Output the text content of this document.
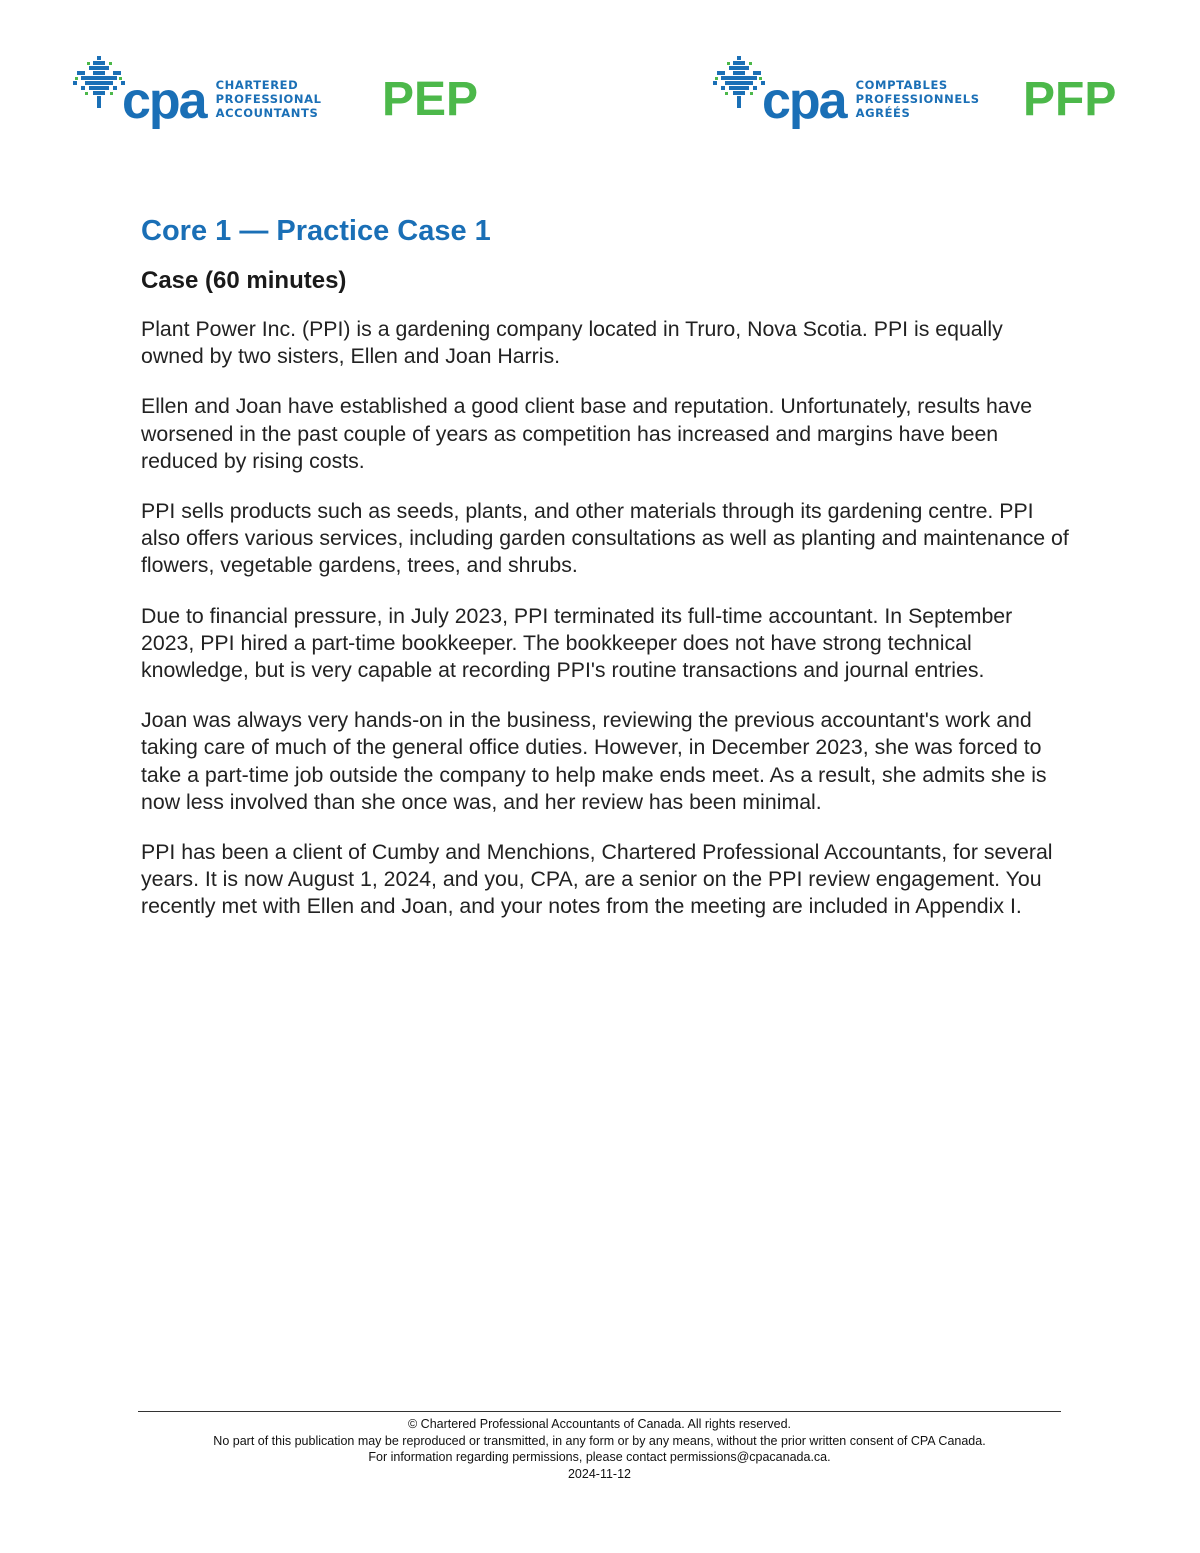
cpa CHARTERED
PROFESSIONAL
ACCOUNTANTS PEP	cpa COMPTABLES
PROFESSIONNELS
AGRÉÉS	PFP
Core 1 — Practice Case 1
Case (60 minutes)

Plant Power Inc. (PPI) is a gardening company located in Truro, Nova Scotia. PPI is equally owned by two sisters, Ellen and Joan Harris.

Ellen and Joan have established a good client base and reputation. Unfortunately, results have worsened in the past couple of years as competition has increased and margins have been reduced by rising costs.

PPI sells products such as seeds, plants, and other materials through its gardening centre. PPI also offers various services, including garden consultations as well as planting and maintenance of flowers, vegetable gardens, trees, and shrubs.

Due to financial pressure, in July 2023, PPI terminated its full-time accountant. In September 2023, PPI hired a part-time bookkeeper. The bookkeeper does not have strong technical knowledge, but is very capable at recording PPI's routine transactions and journal entries.

Joan was always very hands-on in the business, reviewing the previous accountant's work and taking care of much of the general office duties. However, in December 2023, she was forced to take a part-time job outside the company to help make ends meet. As a result, she admits she is now less involved than she once was, and her review has been minimal.

PPI has been a client of Cumby and Menchions, Chartered Professional Accountants, for several years. It is now August 1, 2024, and you, CPA, are a senior on the PPI review engagement. You recently met with Ellen and Joan, and your notes from the meeting are included in Appendix I.

© Chartered Professional Accountants of Canada. All rights reserved.
No part of this publication may be reproduced or transmitted, in any form or by any means, without the prior written consent of CPA Canada.
For information regarding permissions, please contact permissions@cpacanada.ca.
2024-11-12
